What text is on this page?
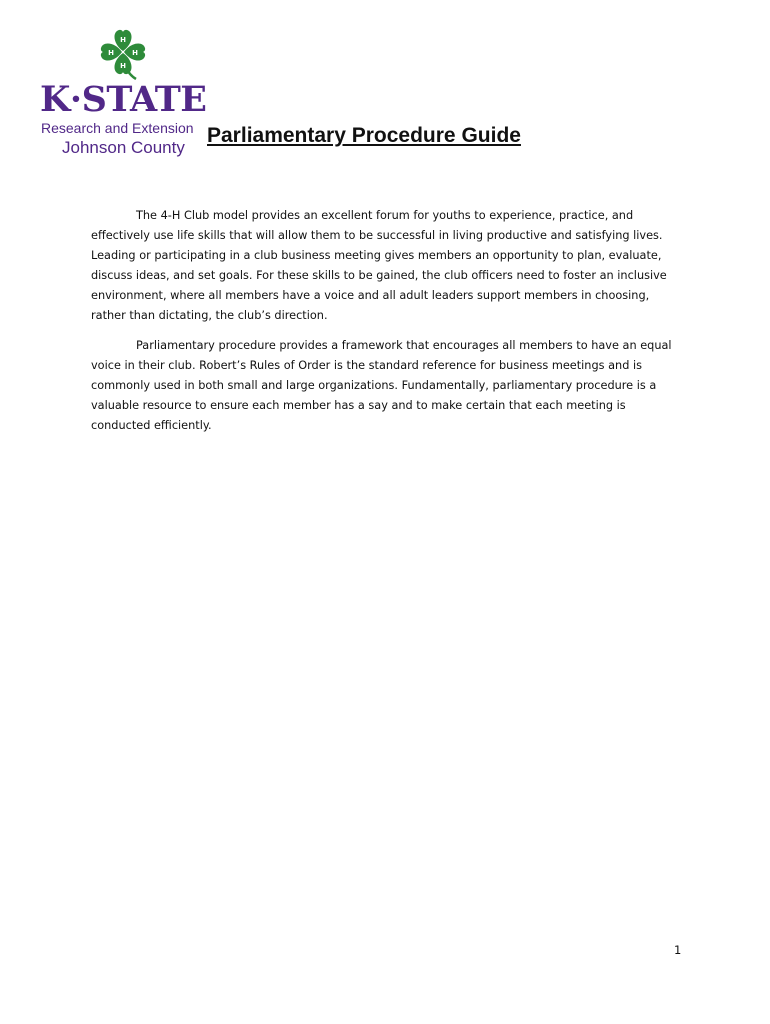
H
H
H	H
K·STATE
Research and Extension
Johnson County
Parliamentary Procedure Guide

The 4-H Club model provides an excellent forum for youths to experience, practice, and effectively use life skills that will allow them to be successful in living productive and satisfying lives. Leading or participating in a club business meeting gives members an opportunity to plan, evaluate, discuss ideas, and set goals. For these skills to be gained, the club officers need to foster an inclusive environment, where all members have a voice and all adult leaders support members in choosing, rather than dictating, the club’s direction.

Parliamentary procedure provides a framework that encourages all members to have an equal voice in their club. Robert’s Rules of Order is the standard reference for business meetings and is commonly used in both small and large organizations. Fundamentally, parliamentary procedure is a valuable resource to ensure each member has a say and to make certain that each meeting is conducted efficiently.

1
